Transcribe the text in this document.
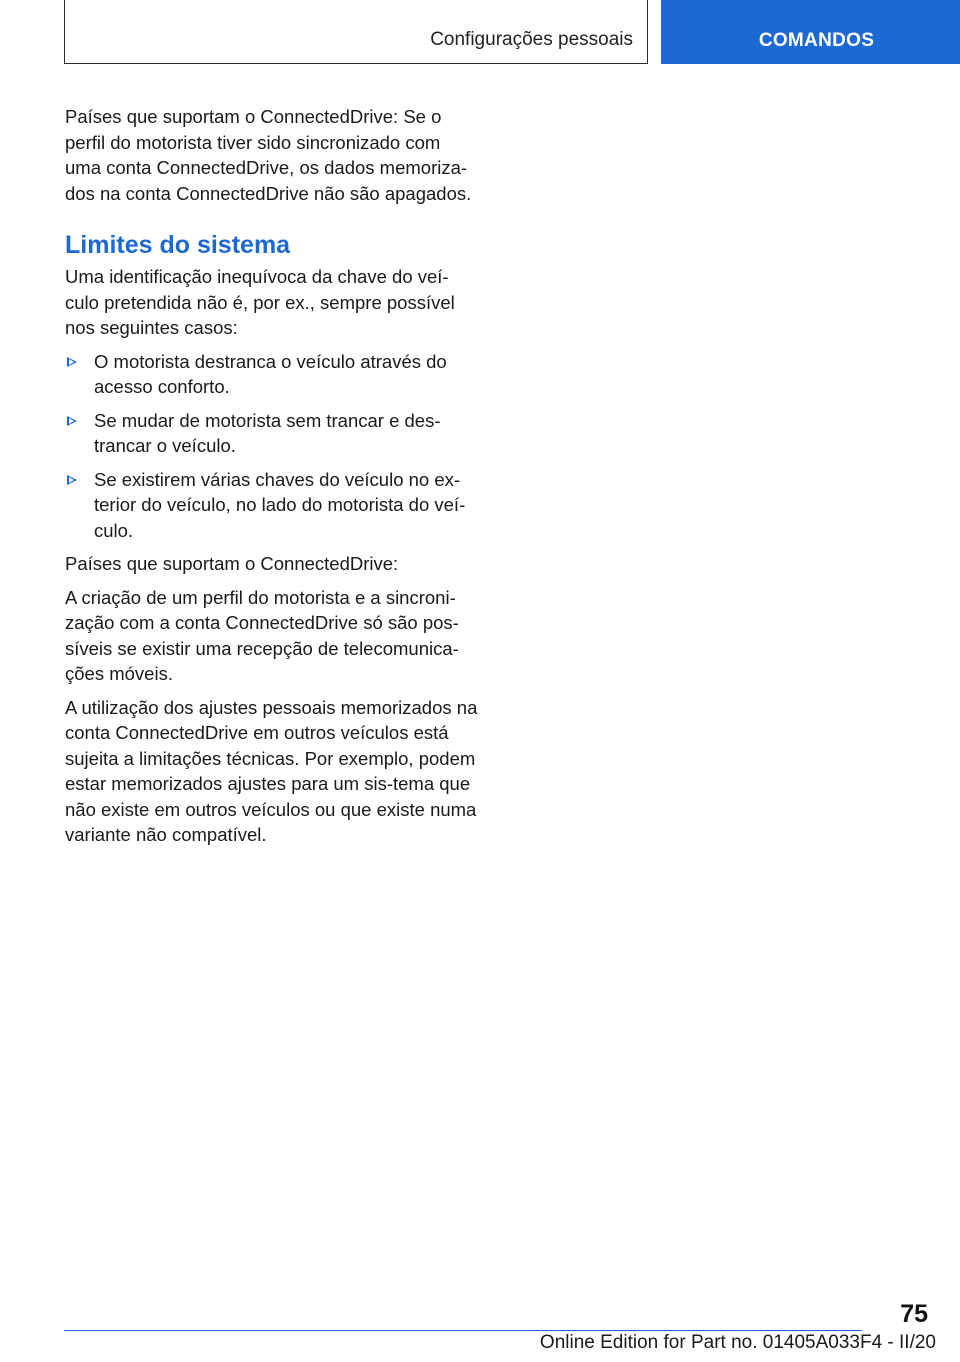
Configurações pessoais	COMANDOS

Países que suportam o ConnectedDrive: Se o perfil do motorista tiver sido sincronizado com uma conta ConnectedDrive, os dados memoriza-dos na conta ConnectedDrive não são apagados.

Limites do sistema

Uma identificação inequívoca da chave do veí-culo pretendida não é, por ex., sempre possível nos seguintes casos:

O motorista destranca o veículo através do acesso conforto.
Se mudar de motorista sem trancar e des-trancar o veículo.
Se existirem várias chaves do veículo no ex-terior do veículo, no lado do motorista do veí-culo.

Países que suportam o ConnectedDrive:

A criação de um perfil do motorista e a sincroni-zação com a conta ConnectedDrive só são pos-síveis se existir uma recepção de telecomunica-ções móveis.

A utilização dos ajustes pessoais memorizados na conta ConnectedDrive em outros veículos está sujeita a limitações técnicas. Por exemplo, podem estar memorizados ajustes para um sis-tema que não existe em outros veículos ou que existe numa variante não compatível.

75
Online Edition for Part no. 01405A033F4 - II/20
